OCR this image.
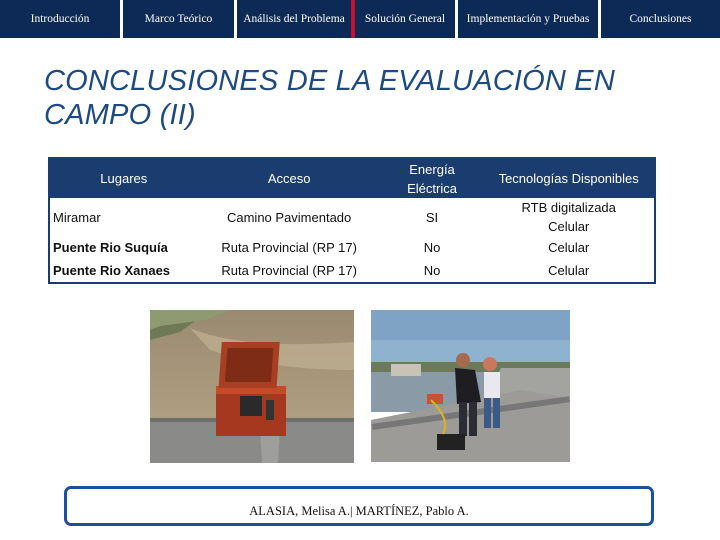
Introducción	Marco Teórico	Análisis del Problema	Solución General	Implementación y Pruebas	Conclusiones
CONCLUSIONES DE LA EVALUACIÓN EN CAMPO (II)
Lugares	Acceso	Energía Eléctrica	Tecnologías Disponibles
Miramar	Camino Pavimentado	SI	RTB digitalizada Celular
Puente Rio Suquía	Ruta Provincial (RP 17)	No	Celular
Puente Rio Xanaes	Ruta Provincial (RP 17)	No	Celular
ALASIA, Melisa A.| MARTÍNEZ, Pablo A.
